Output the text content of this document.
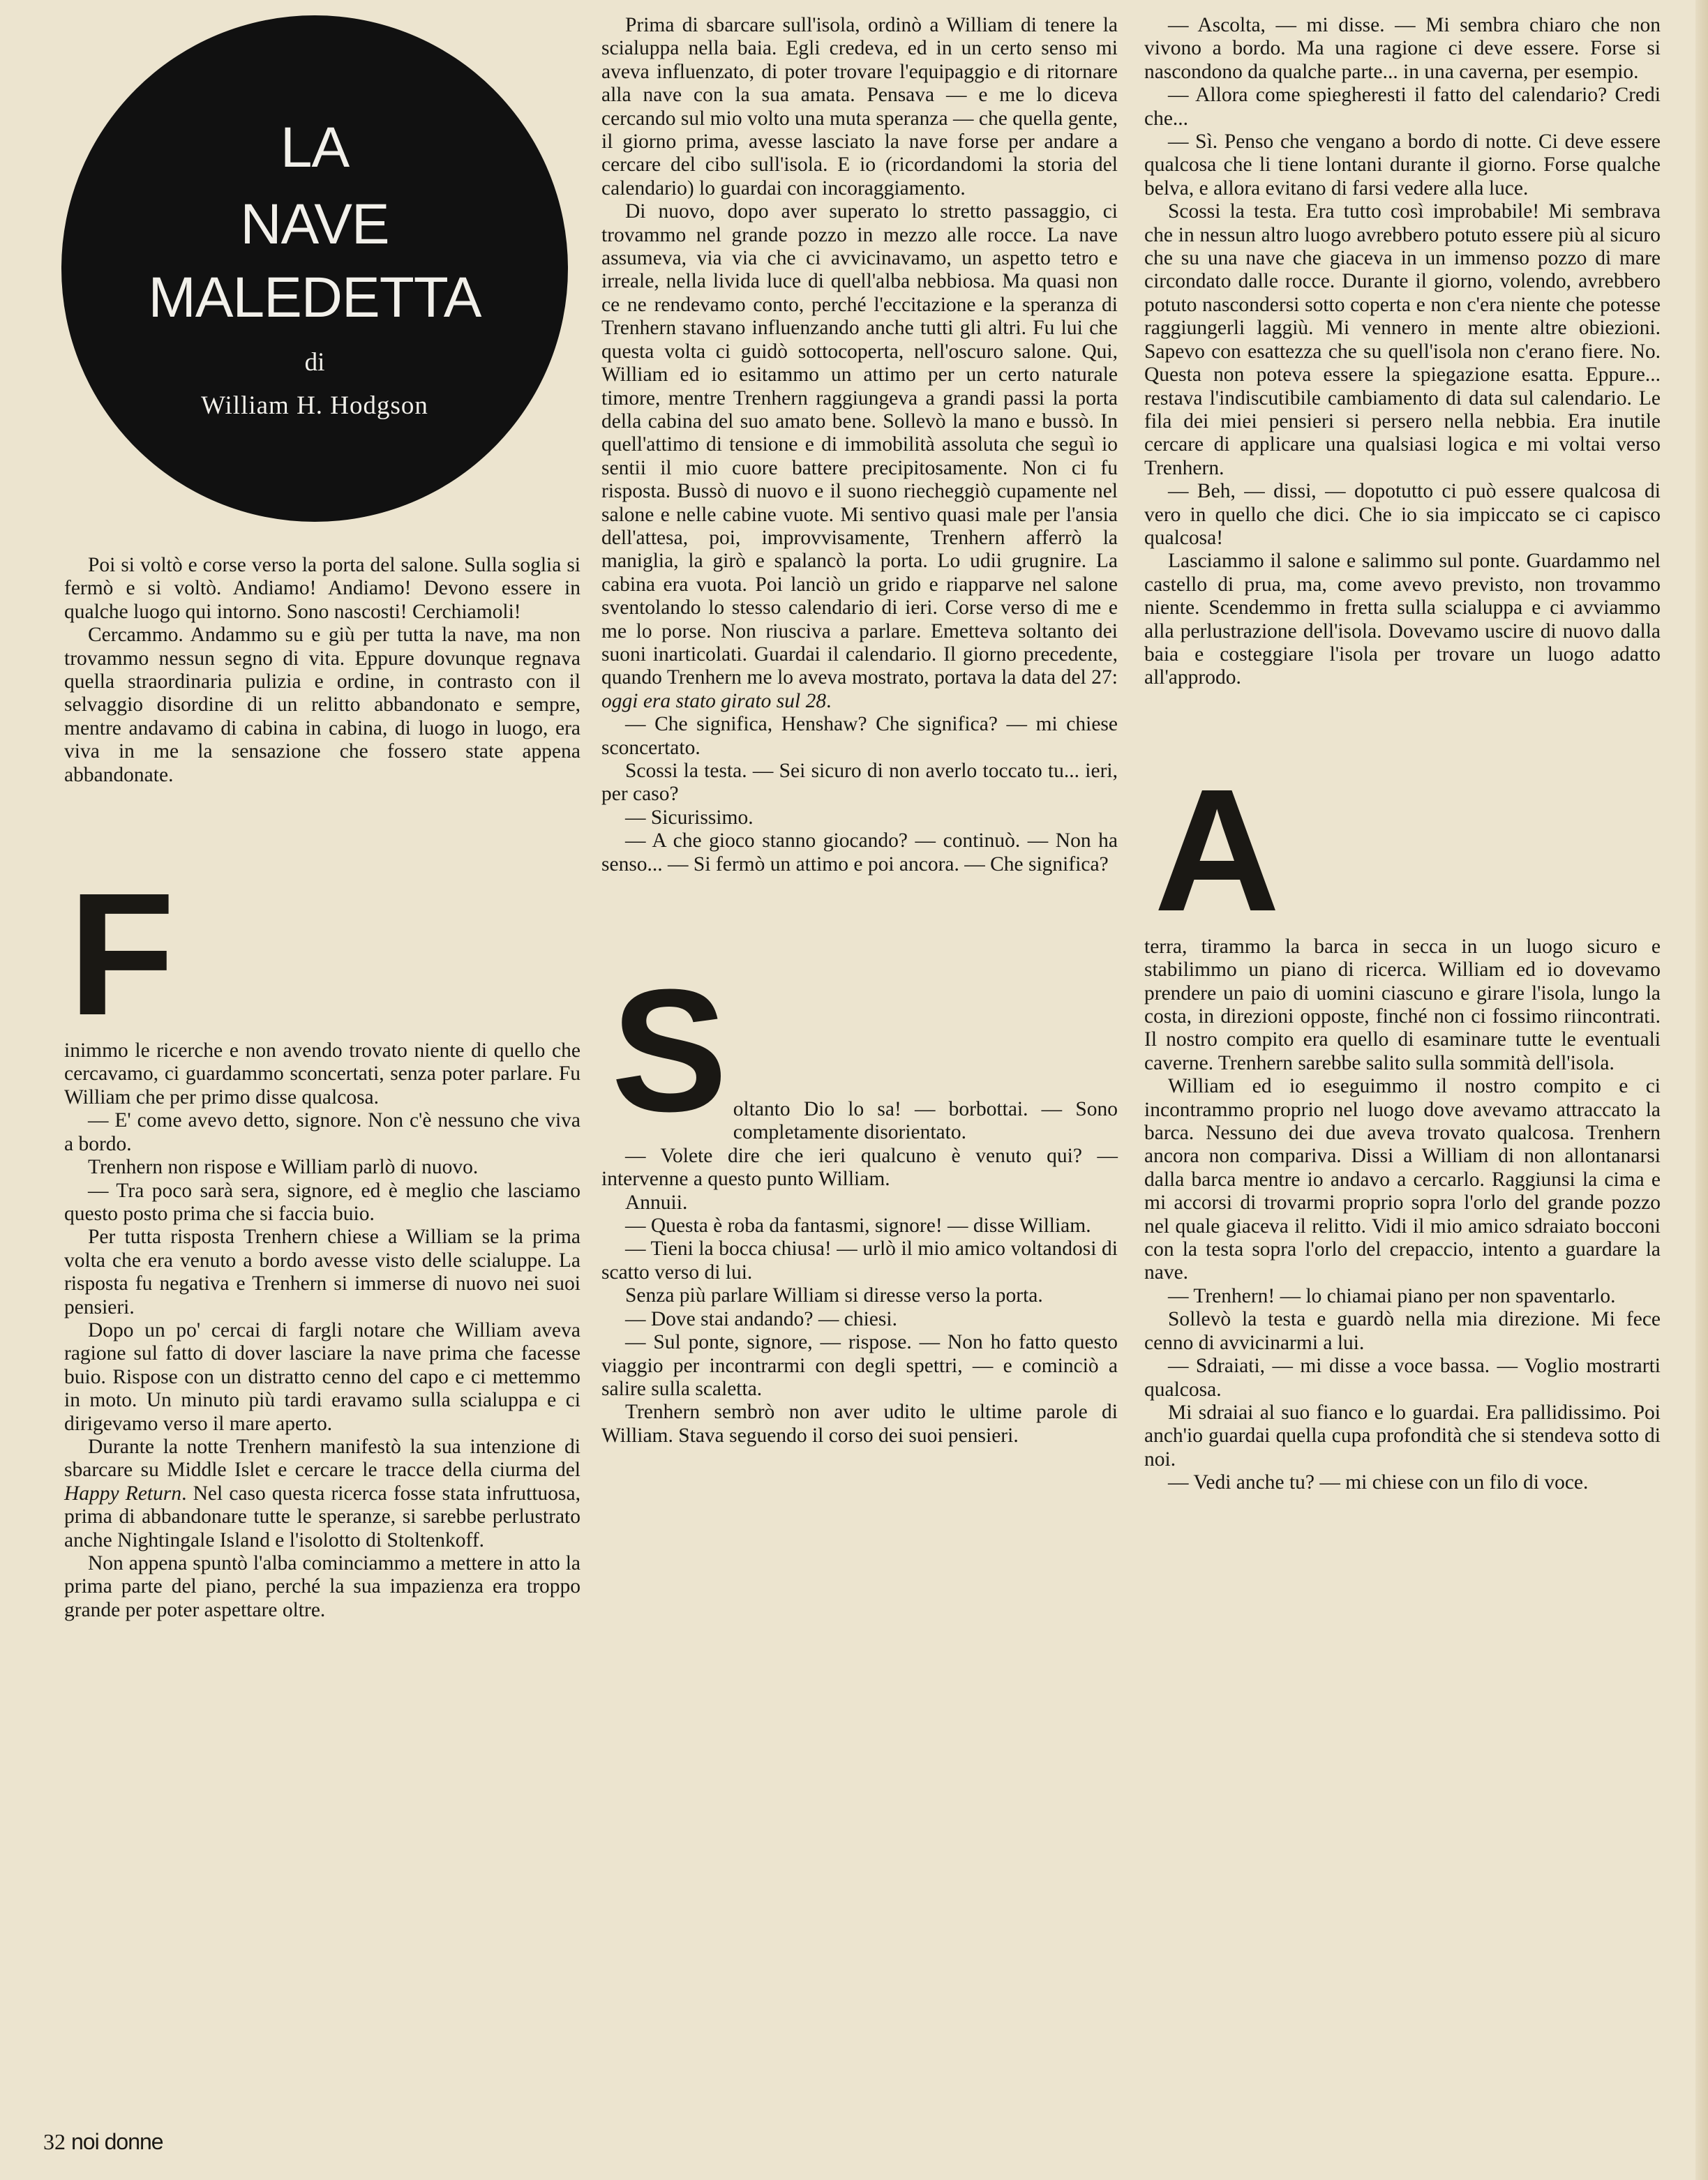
LA
NAVE
MALEDETTA
di
William H. Hodgson

Poi si voltò e corse verso la porta del salone. Sulla soglia si fermò e si voltò. Andiamo! Andiamo! Devono essere in qualche luogo qui intorno. Sono nascosti! Cerchiamoli!

Cercammo. Andammo su e giù per tutta la nave, ma non trovammo nessun segno di vita. Eppure dovunque regnava quella straordinaria pulizia e ordine, in contrasto con il selvaggio disordine di un relitto abbandonato e sempre, mentre andavamo di cabina in cabina, di luogo in luogo, era viva in me la sensazione che fossero state appena abbandonate.

F

inimmo le ricerche e non avendo trovato niente di quello che cercavamo, ci guardammo sconcertati, senza poter parlare. Fu William che per primo disse qualcosa.

— E' come avevo detto, signore. Non c'è nessuno che viva a bordo.

Trenhern non rispose e William parlò di nuovo.

— Tra poco sarà sera, signore, ed è meglio che lasciamo questo posto prima che si faccia buio.

Per tutta risposta Trenhern chiese a William se la prima volta che era venuto a bordo avesse visto delle scialuppe. La risposta fu negativa e Trenhern si immerse di nuovo nei suoi pensieri.

Dopo un po' cercai di fargli notare che William aveva ragione sul fatto di dover lasciare la nave prima che facesse buio. Rispose con un distratto cenno del capo e ci mettemmo in moto. Un minuto più tardi eravamo sulla scialuppa e ci dirigevamo verso il mare aperto.

Durante la notte Trenhern manifestò la sua intenzione di sbarcare su Middle Islet e cercare le tracce della ciurma del Happy Return. Nel caso questa ricerca fosse stata infruttuosa, prima di abbandonare tutte le speranze, si sarebbe perlustrato anche Nightingale Island e l'isolotto di Stoltenkoff.

Non appena spuntò l'alba cominciammo a mettere in atto la prima parte del piano, perché la sua impazienza era troppo grande per poter aspettare oltre.

Prima di sbarcare sull'isola, ordinò a William di tenere la scialuppa nella baia. Egli credeva, ed in un certo senso mi aveva influenzato, di poter trovare l'equipaggio e di ritornare alla nave con la sua amata. Pensava — e me lo diceva cercando sul mio volto una muta speranza — che quella gente, il giorno prima, avesse lasciato la nave forse per andare a cercare del cibo sull'isola. E io (ricordandomi la storia del calendario) lo guardai con incoraggiamento.

Di nuovo, dopo aver superato lo stretto passaggio, ci trovammo nel grande pozzo in mezzo alle rocce. La nave assumeva, via via che ci avvicinavamo, un aspetto tetro e irreale, nella livida luce di quell'alba nebbiosa. Ma quasi non ce ne rendevamo conto, perché l'eccitazione e la speranza di Trenhern stavano influenzando anche tutti gli altri. Fu lui che questa volta ci guidò sottocoperta, nell'oscuro salone. Qui, William ed io esitammo un attimo per un certo naturale timore, mentre Trenhern raggiungeva a grandi passi la porta della cabina del suo amato bene. Sollevò la mano e bussò. In quell'attimo di tensione e di immobilità assoluta che seguì io sentii il mio cuore battere precipitosamente. Non ci fu risposta. Bussò di nuovo e il suono riecheggiò cupamente nel salone e nelle cabine vuote. Mi sentivo quasi male per l'ansia dell'attesa, poi, improvvisamente, Trenhern afferrò la maniglia, la girò e spalancò la porta. Lo udii grugnire. La cabina era vuota. Poi lanciò un grido e riapparve nel salone sventolando lo stesso calendario di ieri. Corse verso di me e me lo porse. Non riusciva a parlare. Emetteva soltanto dei suoni inarticolati. Guardai il calendario. Il giorno precedente, quando Trenhern me lo aveva mostrato, portava la data del 27: oggi era stato girato sul 28.

— Che significa, Henshaw? Che significa? — mi chiese sconcertato.

Scossi la testa. — Sei sicuro di non averlo toccato tu... ieri, per caso?

— Sicurissimo.

— A che gioco stanno giocando? — continuò. — Non ha senso... — Si fermò un attimo e poi ancora. — Che significa?

S oltanto Dio lo sa! — borbottai. — Sono completamente disorientato.

— Volete dire che ieri qualcuno è venuto qui? — intervenne a questo punto William.

Annuii.

— Questa è roba da fantasmi, signore! — disse William.

— Tieni la bocca chiusa! — urlò il mio amico voltandosi di scatto verso di lui.

Senza più parlare William si diresse verso la porta.

— Dove stai andando? — chiesi.

— Sul ponte, signore, — rispose. — Non ho fatto questo viaggio per incontrarmi con degli spettri, — e cominciò a salire sulla scaletta.

Trenhern sembrò non aver udito le ultime parole di William. Stava seguendo il corso dei suoi pensieri.

— Ascolta, — mi disse. — Mi sembra chiaro che non vivono a bordo. Ma una ragione ci deve essere. Forse si nascondono da qualche parte... in una caverna, per esempio.

— Allora come spiegheresti il fatto del calendario? Credi che...

— Sì. Penso che vengano a bordo di notte. Ci deve essere qualcosa che li tiene lontani durante il giorno. Forse qualche belva, e allora evitano di farsi vedere alla luce.

Scossi la testa. Era tutto così improbabile! Mi sembrava che in nessun altro luogo avrebbero potuto essere più al sicuro che su una nave che giaceva in un immenso pozzo di mare circondato dalle rocce. Durante il giorno, volendo, avrebbero potuto nascondersi sotto coperta e non c'era niente che potesse raggiungerli laggiù. Mi vennero in mente altre obiezioni. Sapevo con esattezza che su quell'isola non c'erano fiere. No. Questa non poteva essere la spiegazione esatta. Eppure... restava l'indiscutibile cambiamento di data sul calendario. Le fila dei miei pensieri si persero nella nebbia. Era inutile cercare di applicare una qualsiasi logica e mi voltai verso Trenhern.

— Beh, — dissi, — dopotutto ci può essere qualcosa di vero in quello che dici. Che io sia impiccato se ci capisco qualcosa!

Lasciammo il salone e salimmo sul ponte. Guardammo nel castello di prua, ma, come avevo previsto, non trovammo niente. Scendemmo in fretta sulla scialuppa e ci avviammo alla perlustrazione dell'isola. Dovevamo uscire di nuovo dalla baia e costeggiare l'isola per trovare un luogo adatto all'approdo.

A

terra, tirammo la barca in secca in un luogo sicuro e stabilimmo un piano di ricerca. William ed io dovevamo prendere un paio di uomini ciascuno e girare l'isola, lungo la costa, in direzioni opposte, finché non ci fossimo riincontrati. Il nostro compito era quello di esaminare tutte le eventuali caverne. Trenhern sarebbe salito sulla sommità dell'isola.

William ed io eseguimmo il nostro compito e ci incontrammo proprio nel luogo dove avevamo attraccato la barca. Nessuno dei due aveva trovato qualcosa. Trenhern ancora non compariva. Dissi a William di non allontanarsi dalla barca mentre io andavo a cercarlo. Raggiunsi la cima e mi accorsi di trovarmi proprio sopra l'orlo del grande pozzo nel quale giaceva il relitto. Vidi il mio amico sdraiato bocconi con la testa sopra l'orlo del crepaccio, intento a guardare la nave.

— Trenhern! — lo chiamai piano per non spaventarlo.

Sollevò la testa e guardò nella mia direzione. Mi fece cenno di avvicinarmi a lui.

— Sdraiati, — mi disse a voce bassa. — Voglio mostrarti qualcosa.

Mi sdraiai al suo fianco e lo guardai. Era pallidissimo. Poi anch'io guardai quella cupa profondità che si stendeva sotto di noi.

— Vedi anche tu? — mi chiese con un filo di voce.

32 noi donne
